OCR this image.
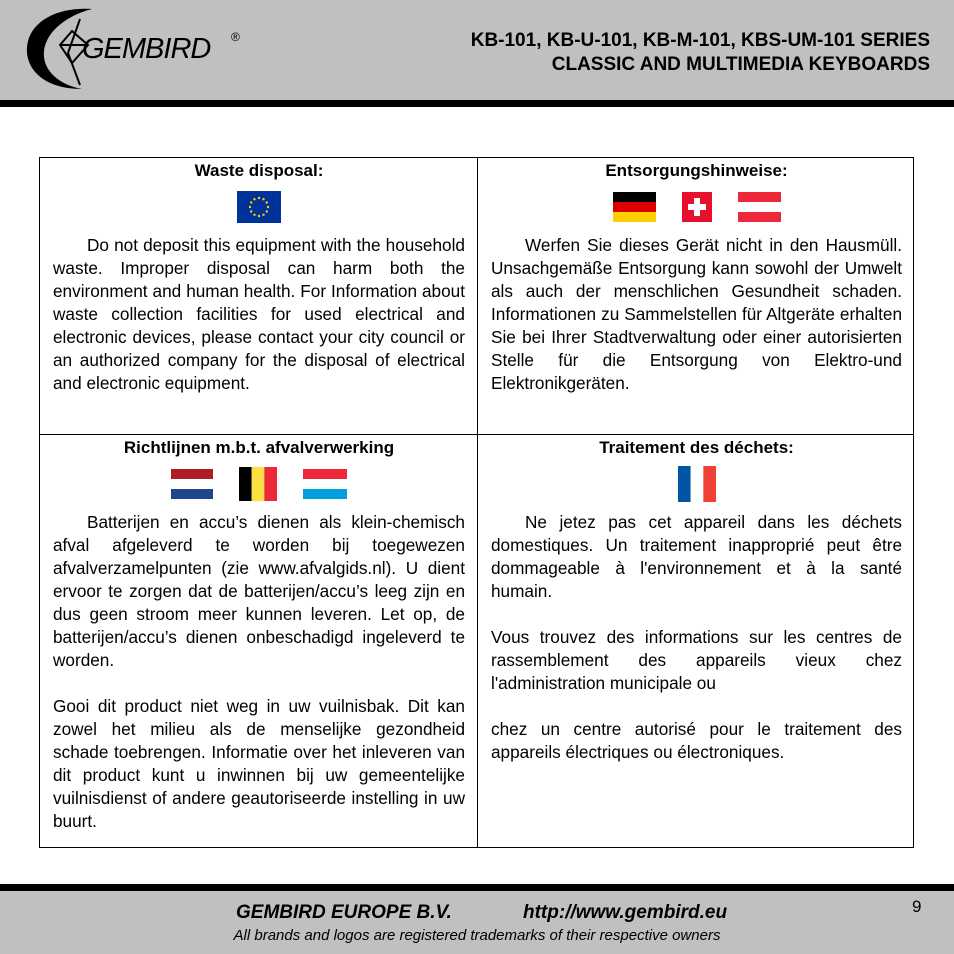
GEMBIRD ®	KB-101, KB-U-101, KB-M-101, KBS-UM-101 SERIES
CLASSIC AND MULTIMEDIA KEYBOARDS
Waste disposal:

Do not deposit this equipment with the household waste. Improper disposal can harm both the environment and human health. For Information about waste collection facilities for used electrical and electronic devices, please contact your city council or an authorized company for the disposal of electrical and electronic equipment.

Entsorgungshinweise:

Werfen Sie dieses Gerät nicht in den Hausmüll. Unsachgemäße Entsorgung kann sowohl der Umwelt als auch der menschlichen Gesundheit schaden. Informationen zu Sammelstellen für Altgeräte erhalten Sie bei Ihrer Stadtverwaltung oder einer autorisierten Stelle für die Entsorgung von Elektro-und Elektronikgeräten.

Richtlijnen m.b.t. afvalverwerking

Batterijen en accu’s dienen als klein-chemisch afval afgeleverd te worden bij toegewezen afvalverzamelpunten (zie www.afvalgids.nl). U dient ervoor te zorgen dat de batterijen/accu’s leeg zijn en dus geen stroom meer kunnen leveren. Let op, de batterijen/accu’s dienen onbeschadigd ingeleverd te worden.

Gooi dit product niet weg in uw vuilnisbak. Dit kan zowel het milieu als de menselijke gezondheid schade toebrengen. Informatie over het inleveren van dit product kunt u inwinnen bij uw gemeentelijke vuilnisdienst of andere geautoriseerde instelling in uw buurt.

Traitement des déchets:

Ne jetez pas cet appareil dans les déchets domestiques. Un traitement inapproprié peut être dommageable à l'environnement et à la santé humain.

Vous trouvez des informations sur les centres de rassemblement des appareils vieux chez l'administration municipale ou

chez un centre autorisé pour le traitement des appareils électriques ou électroniques.

GEMBIRD EUROPE B.V.	http://www.gembird.eu
All brands and logos are registered trademarks of their respective owners
9
